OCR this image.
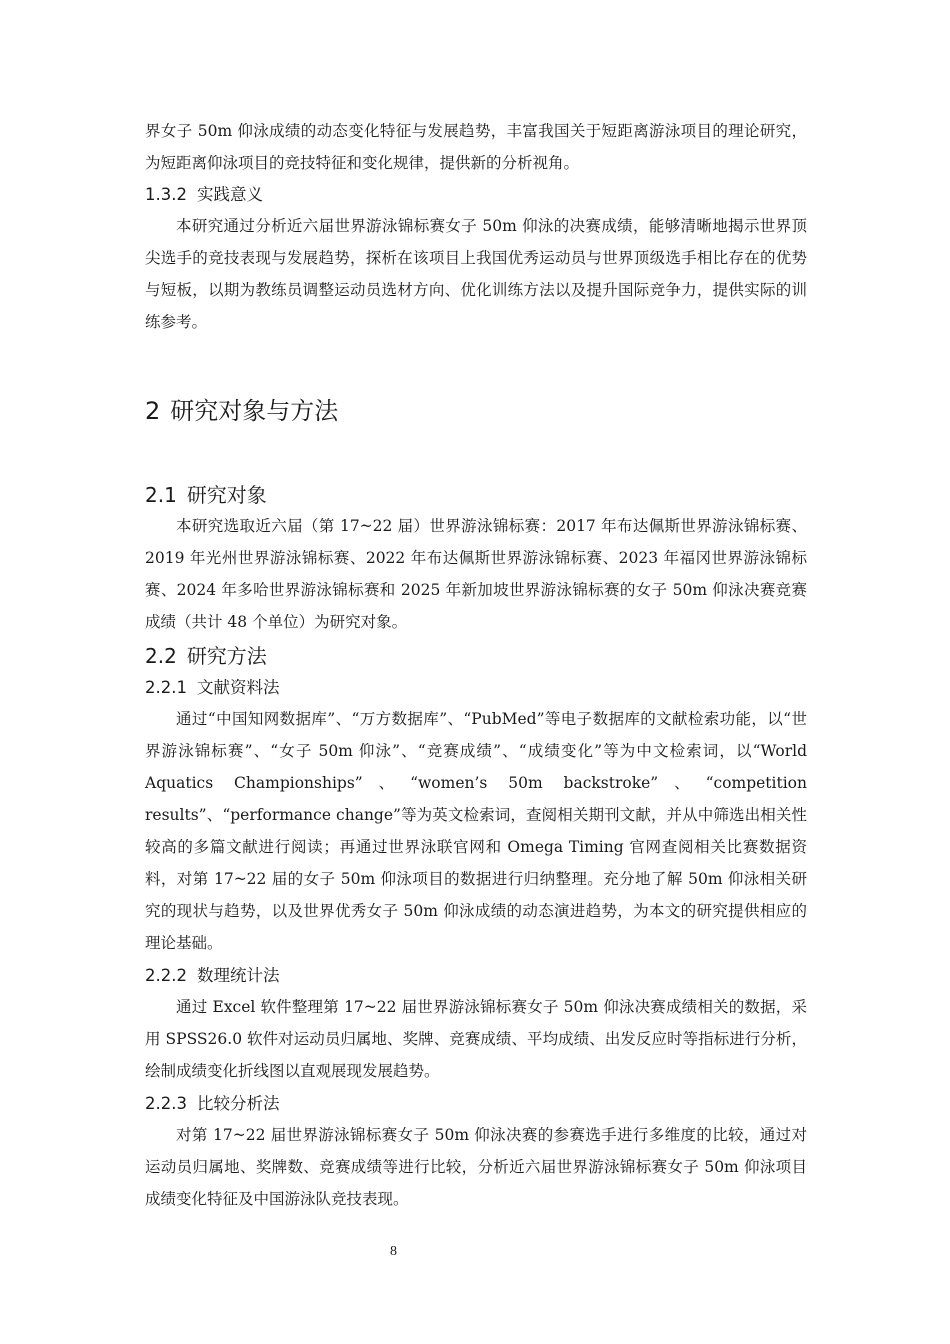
界女子 50m 仰泳成绩的动态变化特征与发展趋势，丰富我国关于短距离游泳项目的理论研究，为短距离仰泳项目的竞技特征和变化规律，提供新的分析视角。

1.3.2 实践意义

本研究通过分析近六届世界游泳锦标赛女子 50m 仰泳的决赛成绩，能够清晰地揭示世界顶尖选手的竞技表现与发展趋势，探析在该项目上我国优秀运动员与世界顶级选手相比存在的优势与短板，以期为教练员调整运动员选材方向、优化训练方法以及提升国际竞争力，提供实际的训练参考。

2 研究对象与方法
2.1 研究对象

本研究选取近六届（第 17~22 届）世界游泳锦标赛：2017 年布达佩斯世界游泳锦标赛、2019 年光州世界游泳锦标赛、2022 年布达佩斯世界游泳锦标赛、2023 年福冈世界游泳锦标赛、2024 年多哈世界游泳锦标赛和 2025 年新加坡世界游泳锦标赛的女子 50m 仰泳决赛竞赛成绩（共计 48 个单位）为研究对象。

2.2 研究方法
2.2.1 文献资料法

通过“中国知网数据库”、“万方数据库”、“PubMed”等电子数据库的文献检索功能，以“世界游泳锦标赛”、“女子 50m 仰泳”、“竞赛成绩”、“成绩变化”等为中文检索词，以“World Aquatics Championships”、“women’s 50m backstroke”、“competition results”、“performance change”等为英文检索词，查阅相关期刊文献，并从中筛选出相关性较高的多篇文献进行阅读；再通过世界泳联官网和 Omega Timing 官网查阅相关比赛数据资料，对第 17~22 届的女子 50m 仰泳项目的数据进行归纳整理。充分地了解 50m 仰泳相关研究的现状与趋势，以及世界优秀女子 50m 仰泳成绩的动态演进趋势，为本文的研究提供相应的理论基础。

2.2.2 数理统计法

通过 Excel 软件整理第 17~22 届世界游泳锦标赛女子 50m 仰泳决赛成绩相关的数据，采用 SPSS26.0 软件对运动员归属地、奖牌、竞赛成绩、平均成绩、出发反应时等指标进行分析，绘制成绩变化折线图以直观展现发展趋势。

2.2.3 比较分析法

对第 17~22 届世界游泳锦标赛女子 50m 仰泳决赛的参赛选手进行多维度的比较，通过对运动员归属地、奖牌数、竞赛成绩等进行比较，分析近六届世界游泳锦标赛女子 50m 仰泳项目成绩变化特征及中国游泳队竞技表现。

8
